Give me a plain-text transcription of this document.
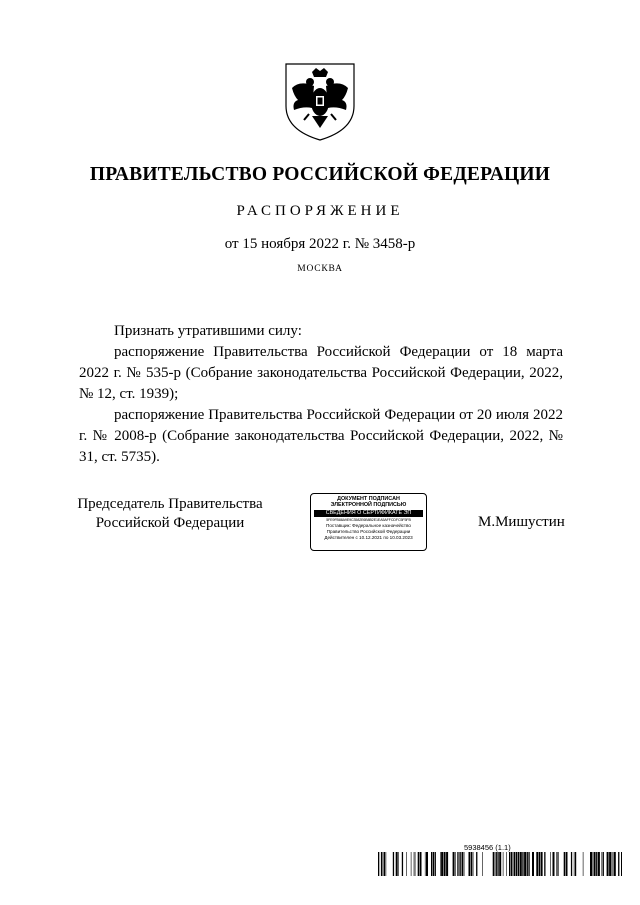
ПРАВИТЕЛЬСТВО РОССИЙСКОЙ ФЕДЕРАЦИИ
РАСПОРЯЖЕНИЕ
от 15 ноября 2022 г. № 3458-р
МОСКВА

Признать утратившими силу:

распоряжение Правительства Российской Федерации от 18 марта 2022 г. № 535-р (Собрание законодательства Российской Федерации, 2022, № 12, ст. 1939);

распоряжение Правительства Российской Федерации от 20 июля 2022 г. № 2008-р (Собрание законодательства Российской Федерации, 2022, № 31, ст. 5735).

Председатель Правительства
Российской Федерации
ДОКУМЕНТ ПОДПИСАН
ЭЛЕКТРОННОЙ ПОДПИСЬЮ
СВЕДЕНИЯ О СЕРТИФИКАТЕ ЭП
5FE9FB88A9E9C3582E6B8B2E1EA5AFFCDFC5F5FB
Поставщик: Федеральное казначейство
Правительство Российской Федерации
Действителен с 10.12.2021 по 10.03.2023
М.Мишустин
5938456 (1.1)
